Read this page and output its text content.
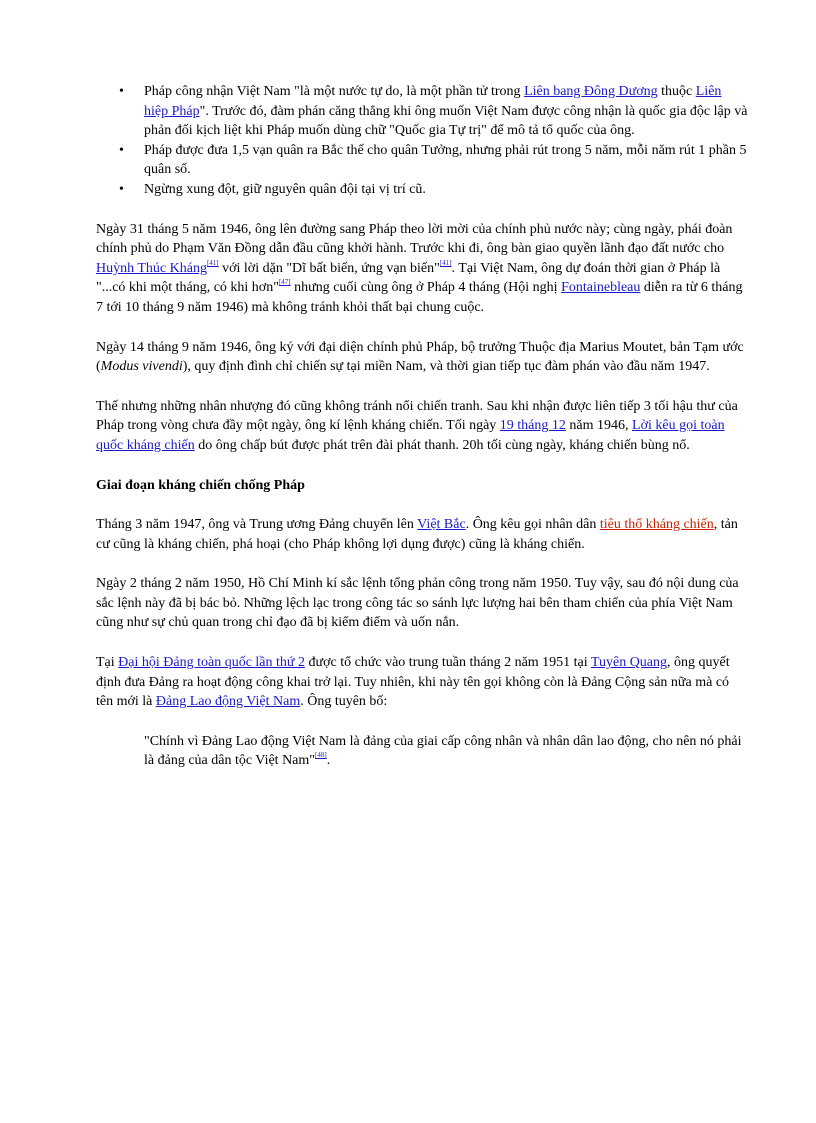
• Pháp công nhận Việt Nam "là một nước tự do, là một phần tử trong Liên bang Đông Dương thuộc Liên hiệp Pháp". Trước đó, đàm phán căng thẳng khi ông muốn Việt Nam được công nhận là quốc gia độc lập và phản đối kịch liệt khi Pháp muốn dùng chữ "Quốc gia Tự trị" để mô tả tổ quốc của ông.
• Pháp được đưa 1,5 vạn quân ra Bắc thế cho quân Tưởng, nhưng phải rút trong 5 năm, mỗi năm rút 1 phần 5 quân số.
• Ngừng xung đột, giữ nguyên quân đội tại vị trí cũ.

Ngày 31 tháng 5 năm 1946, ông lên đường sang Pháp theo lời mời của chính phủ nước này; cùng ngày, phái đoàn chính phủ do Phạm Văn Đồng dẫn đầu cũng khởi hành. Trước khi đi, ông bàn giao quyền lãnh đạo đất nước cho Huỳnh Thúc Kháng[41] với lời dặn "Dĩ bất biến, ứng vạn biến"[41]. Tại Việt Nam, ông dự đoán thời gian ở Pháp là "...có khi một tháng, có khi hơn"[47] nhưng cuối cùng ông ở Pháp 4 tháng (Hội nghị Fontainebleau diễn ra từ 6 tháng 7 tới 10 tháng 9 năm 1946) mà không tránh khỏi thất bại chung cuộc.

Ngày 14 tháng 9 năm 1946, ông ký với đại diện chính phủ Pháp, bộ trưởng Thuộc địa Marius Moutet, bản Tạm ước (Modus vivendi), quy định đình chỉ chiến sự tại miền Nam, và thời gian tiếp tục đàm phán vào đầu năm 1947.

Thế nhưng những nhân nhượng đó cũng không tránh nổi chiến tranh. Sau khi nhận được liên tiếp 3 tối hậu thư của Pháp trong vòng chưa đầy một ngày, ông kí lệnh kháng chiến. Tối ngày 19 tháng 12 năm 1946, Lời kêu gọi toàn quốc kháng chiến do ông chấp bút được phát trên đài phát thanh. 20h tối cùng ngày, kháng chiến bùng nổ.

Giai đoạn kháng chiến chống Pháp

Tháng 3 năm 1947, ông và Trung ương Đảng chuyển lên Việt Bắc. Ông kêu gọi nhân dân tiêu thổ kháng chiến, tản cư cũng là kháng chiến, phá hoại (cho Pháp không lợi dụng được) cũng là kháng chiến.

Ngày 2 tháng 2 năm 1950, Hồ Chí Minh kí sắc lệnh tổng phản công trong năm 1950. Tuy vậy, sau đó nội dung của sắc lệnh này đã bị bác bỏ. Những lệch lạc trong công tác so sánh lực lượng hai bên tham chiến của phía Việt Nam cũng như sự chủ quan trong chỉ đạo đã bị kiểm điểm và uốn nắn.

Tại Đại hội Đảng toàn quốc lần thứ 2 được tổ chức vào trung tuần tháng 2 năm 1951 tại Tuyên Quang, ông quyết định đưa Đảng ra hoạt động công khai trở lại. Tuy nhiên, khi này tên gọi không còn là Đảng Cộng sản nữa mà có tên mới là Đảng Lao động Việt Nam. Ông tuyên bố:

"Chính vì Đảng Lao động Việt Nam là đảng của giai cấp công nhân và nhân dân lao động, cho nên nó phải là đảng của dân tộc Việt Nam"[48].
